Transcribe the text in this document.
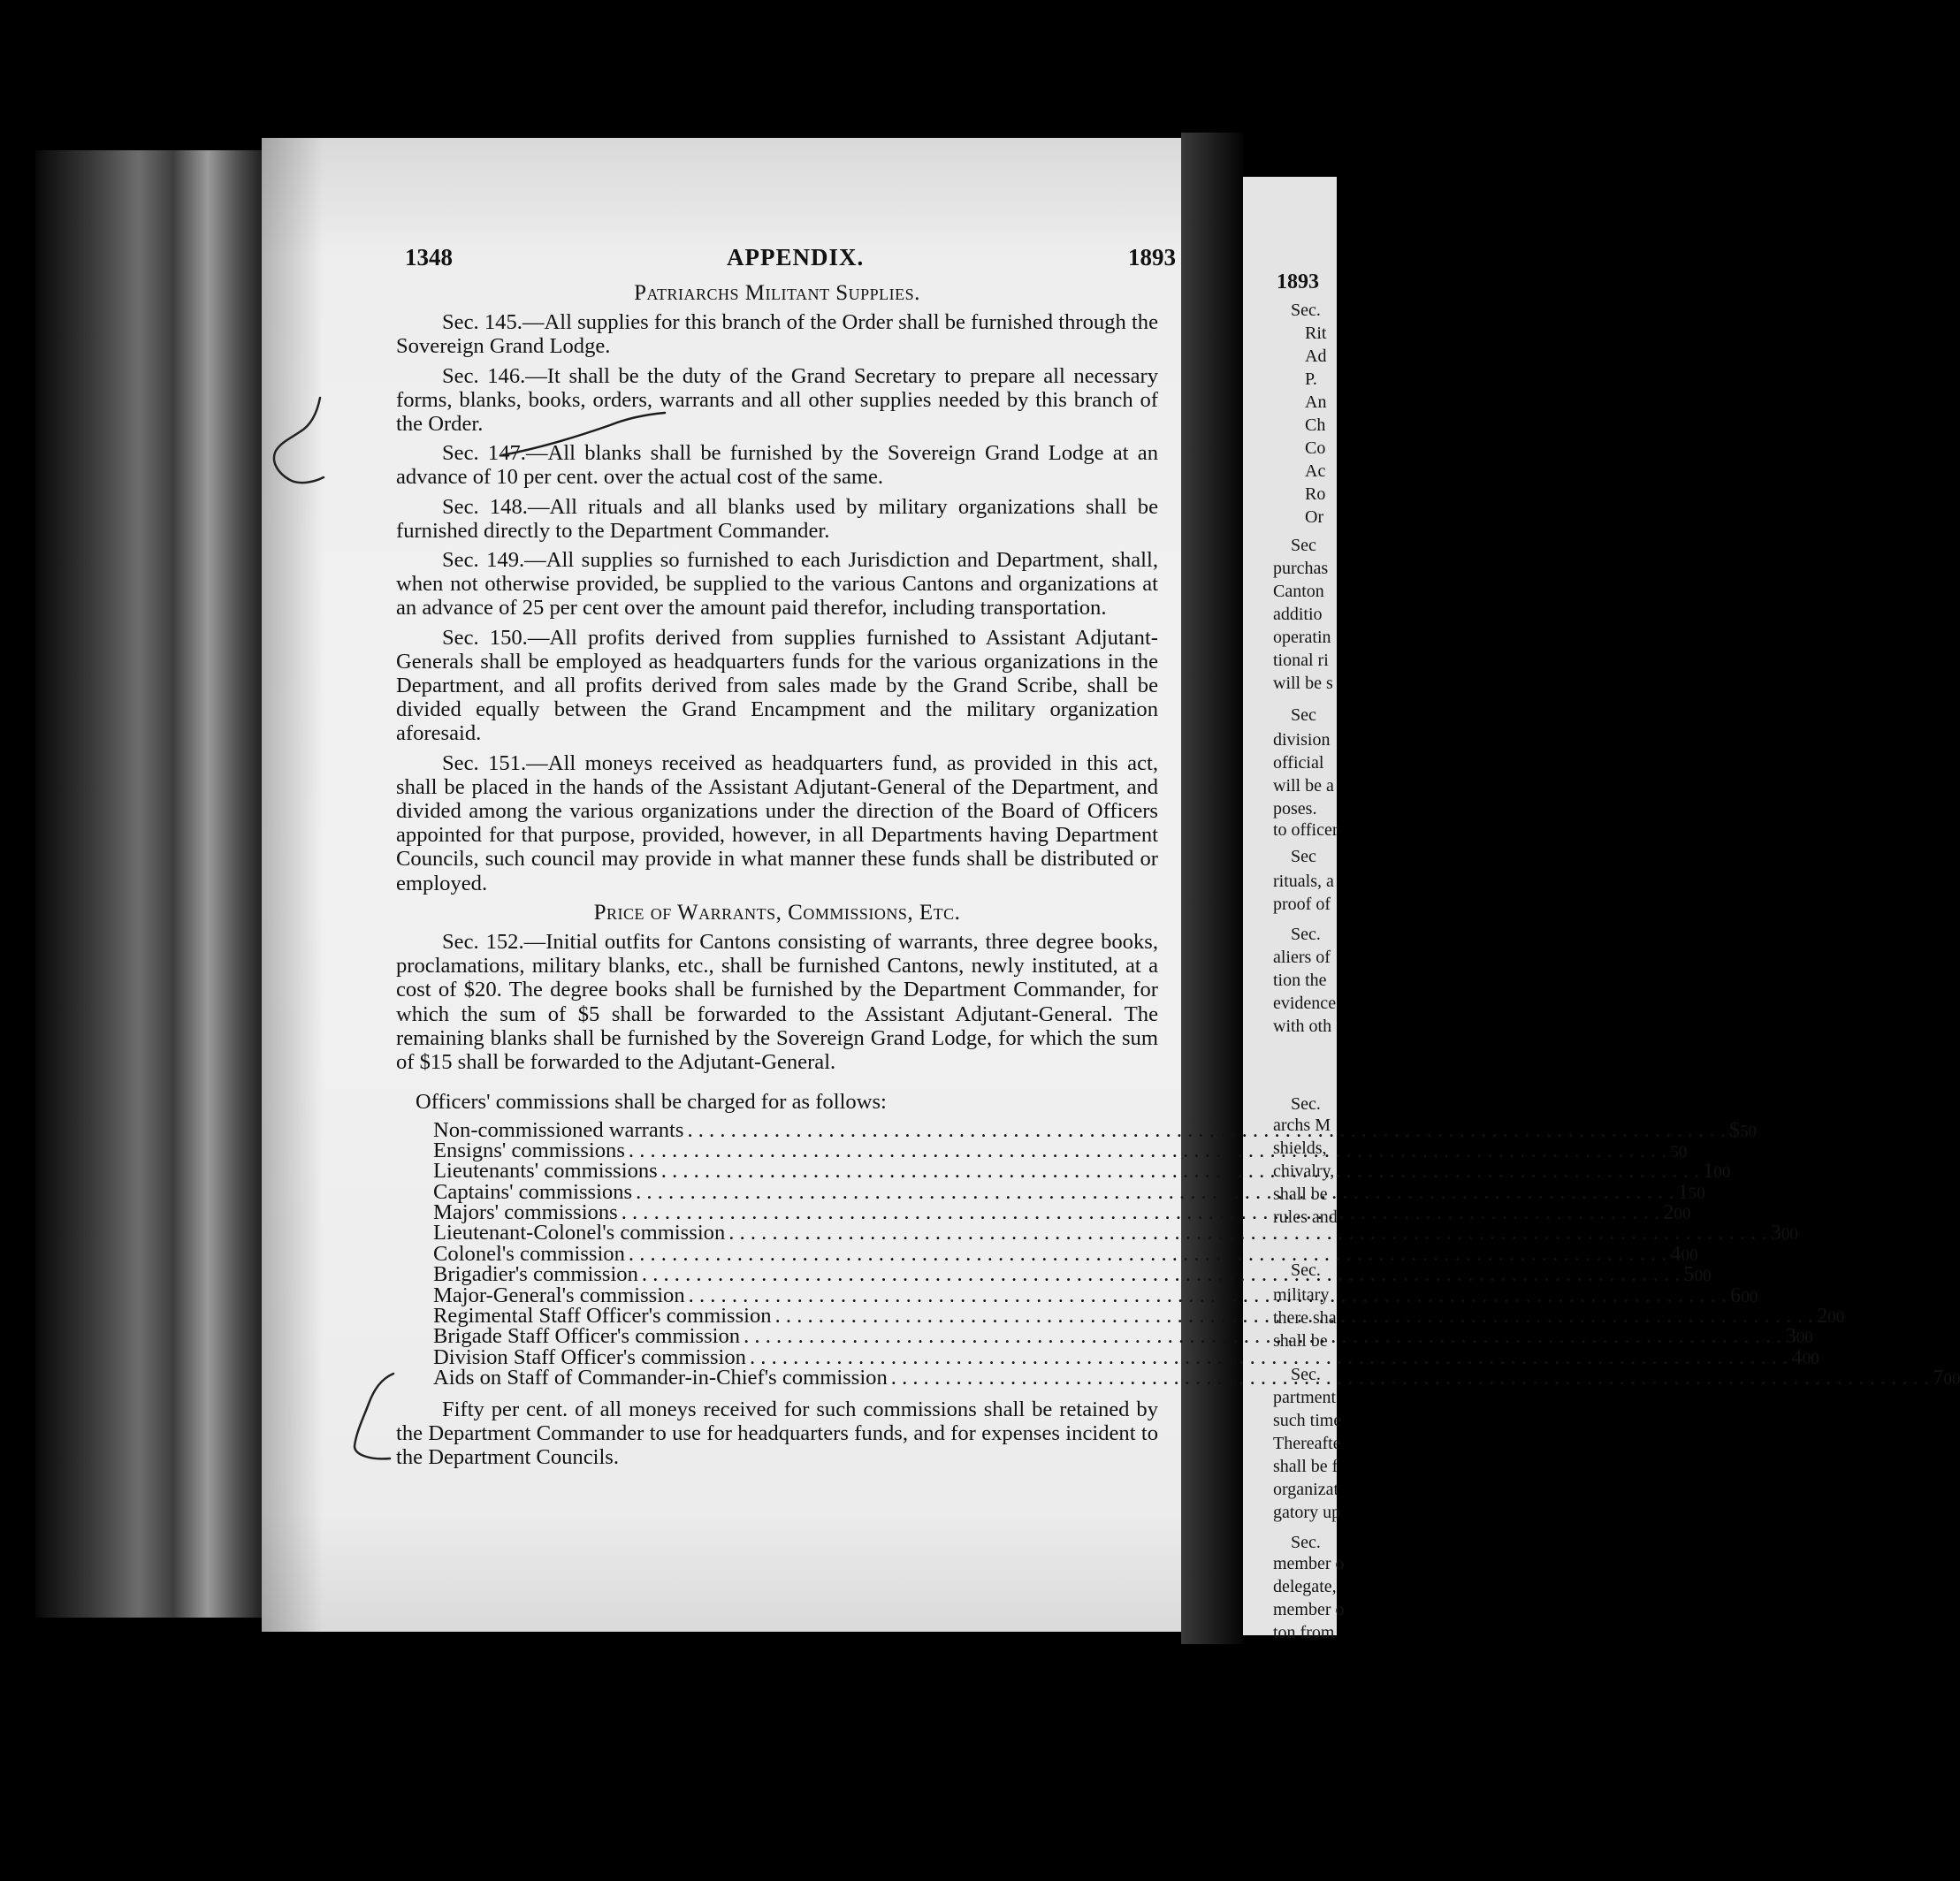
1348	APPENDIX.	1893

Patriarchs Militant Supplies.

Sec. 145.—All supplies for this branch of the Order shall be furnished through the Sovereign Grand Lodge.

Sec. 146.—It shall be the duty of the Grand Secretary to prepare all necessary forms, blanks, books, orders, warrants and all other supplies needed by this branch of the Order.

Sec. 147.—All blanks shall be furnished by the Sovereign Grand Lodge at an advance of 10 per cent. over the actual cost of the same.

Sec. 148.—All rituals and all blanks used by military organizations shall be furnished directly to the Department Commander.

Sec. 149.—All supplies so furnished to each Jurisdiction and Department, shall, when not otherwise provided, be supplied to the various Cantons and organizations at an advance of 25 per cent over the amount paid therefor, including transportation.

Sec. 150.—All profits derived from supplies furnished to Assistant Adjutant-Generals shall be employed as headquarters funds for the various organizations in the Department, and all profits derived from sales made by the Grand Scribe, shall be divided equally between the Grand Encampment and the military organization aforesaid.

Sec. 151.—All moneys received as headquarters fund, as provided in this act, shall be placed in the hands of the Assistant Adjutant-General of the Department, and divided among the various organizations under the direction of the Board of Officers appointed for that purpose, provided, however, in all Departments having Department Councils, such council may provide in what manner these funds shall be distributed or employed.

Price of Warrants, Commissions, Etc.

Sec. 152.—Initial outfits for Cantons consisting of warrants, three degree books, proclamations, military blanks, etc., shall be furnished Cantons, newly instituted, at a cost of $20. The degree books shall be furnished by the Department Commander, for which the sum of $5 shall be forwarded to the Assistant Adjutant-General. The remaining blanks shall be furnished by the Sovereign Grand Lodge, for which the sum of $15 shall be forwarded to the Adjutant-General.

Officers' commissions shall be charged for as follows:

Non-commissioned warrants . . .	$ 50
Ensigns' commissions . . .	50
Lieutenants' commissions . . .	1 00
Captains' commissions . . .	1 50
Majors' commissions . . .	2 00
Lieutenant-Colonel's commission . . .	3 00
Colonel's commission . . .	4 00
Brigadier's commission . . .	5 00
Major-General's commission . . .	6 00
Regimental Staff Officer's commission . . .	2 00
Brigade Staff Officer's commission . . .	3 00
Division Staff Officer's commission . . .	4 00
Aids on Staff of Commander-in-Chief's commission . . .	7 00

Fifty per cent. of all moneys received for such commissions shall be retained by the Department Commander to use for headquarters funds, and for expenses incident to the Department Councils.

1893
Sec.
Rit
Ad
P.
An
Ch
Co
Ac
Ro
Or
Sec
purchas
Canton
additio
operatin
tional ri
will be s
Sec
division
official
will be a
poses.
to officer
Sec
rituals, a
proof of
Sec.
aliers of
tion the
evidence
with oth
Sec.
archs M
shields,
chivalry,
shall be
rules and
Sec.
military
there sha
shall be
Sec.
partment
such time
Thereafte
shall be f
organizat
gatory up
Sec.
member o
delegate,
member o
ton from
